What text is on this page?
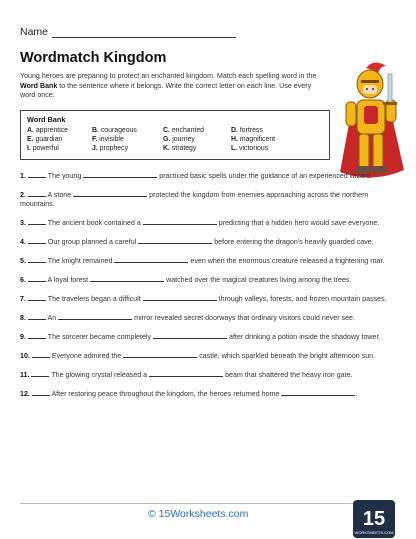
Name
Wordmatch Kingdom
Young heroes are preparing to protect an enchanted kingdom. Match each spelling word in the Word Bank to the sentence where it belongs. Write the correct letter on each line. Use every word once.
Word Bank
A. apprentice	B. courageous	C. enchanted	D. fortress
E. guardian	F. invisible	G. journey	H. magnificent
I. powerful	J. prophecy	K. strategy	L. victorious
1.	The young	practiced basic spells under the guidance of an experienced wizard.
2.	A stone	protected the kingdom from enemies approaching across the northern mountains.
3.	The ancient book contained a	predicting that a hidden hero would save everyone.
4.	Our group planned a careful	before entering the dragon's heavily guarded cave.
5.	The knight remained	even when the enormous creature released a frightening roar.
6.	A loyal forest	watched over the magical creatures living among the trees.
7.	The travelers began a difficult	through valleys, forests, and frozen mountain passes.
8.	An	mirror revealed secret doorways that ordinary visitors could never see.
9.	The sorcerer became completely	after drinking a potion inside the shadowy tower.
10.	Everyone admired the	castle, which sparkled beneath the bright afternoon sun.
11.	The glowing crystal released a	beam that shattered the heavy iron gate.
12.	After restoring peace throughout the kingdom, the heroes returned home	.
© 15Worksheets.com	15
WORKSHEETS.COM
